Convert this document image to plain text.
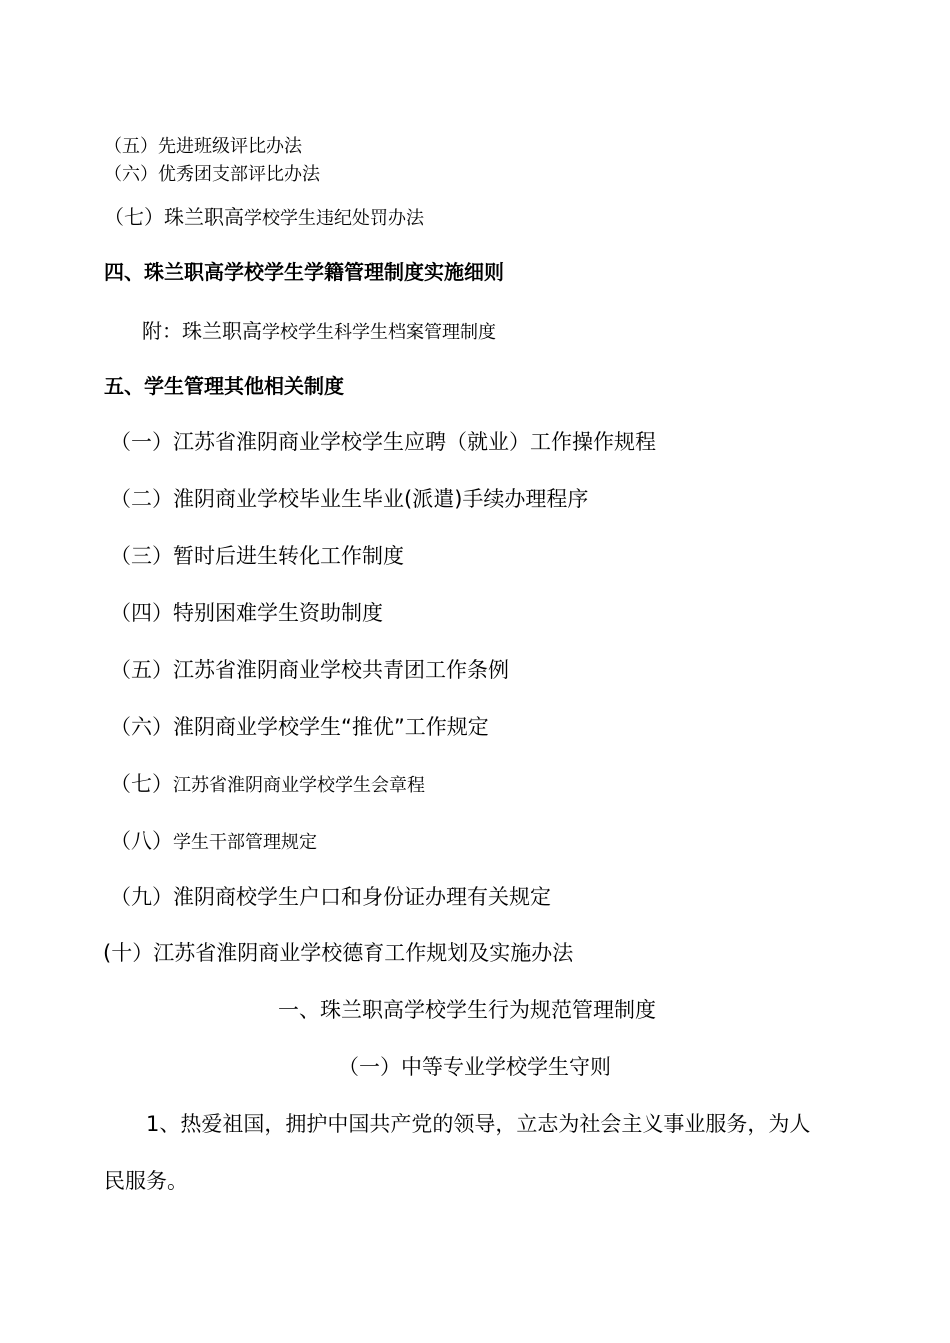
（五）先进班级评比办法
（六）优秀团支部评比办法
（七）珠兰职高学校学生违纪处罚办法
四、珠兰职高学校学生学籍管理制度实施细则
附：珠兰职高学校学生科学生档案管理制度
五、学生管理其他相关制度
（一）江苏省淮阴商业学校学生应聘（就业）工作操作规程
（二）淮阴商业学校毕业生毕业(派遣)手续办理程序
（三）暂时后进生转化工作制度
（四）特别困难学生资助制度
（五）江苏省淮阴商业学校共青团工作条例
（六）淮阴商业学校学生“推优”工作规定
（七）江苏省淮阴商业学校学生会章程
（八）学生干部管理规定
（九）淮阴商校学生户口和身份证办理有关规定
(十）江苏省淮阴商业学校德育工作规划及实施办法
一、珠兰职高学校学生行为规范管理制度
（一）中等专业学校学生守则
1、热爱祖国，拥护中国共产党的领导，立志为社会主义事业服务，为人
民服务。
